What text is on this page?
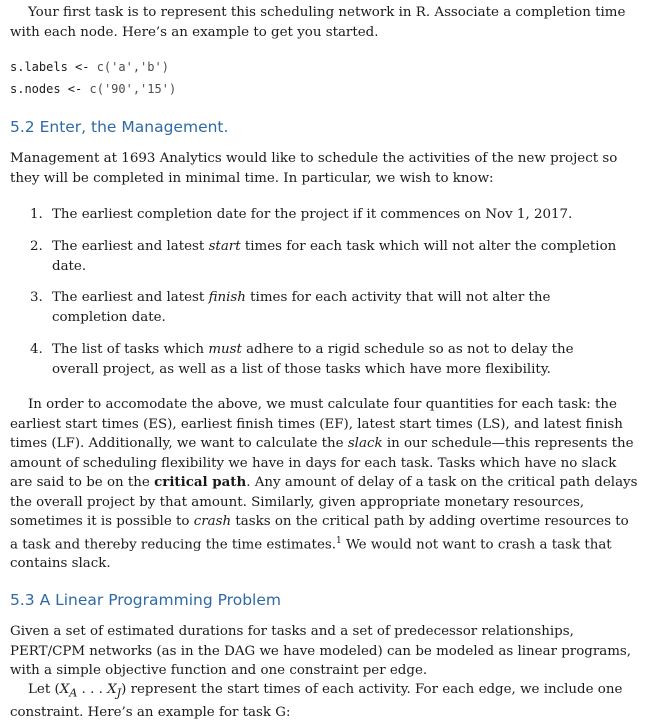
Your first task is to represent this scheduling network in R. Associate a completion time with each node. Here’s an example to get you started.
s.labels <- c('a','b')
s.nodes <- c('90','15')
5.2 Enter, the Management.
Management at 1693 Analytics would like to schedule the activities of the new project so they will be completed in minimal time. In particular, we wish to know:
1. The earliest completion date for the project if it commences on Nov 1, 2017.
2. The earliest and latest start times for each task which will not alter the completion date.
3. The earliest and latest finish times for each activity that will not alter the completion date.
4. The list of tasks which must adhere to a rigid schedule so as not to delay the overall project, as well as a list of those tasks which have more flexibility.
In order to accomodate the above, we must calculate four quantities for each task: the earliest start times (ES), earliest finish times (EF), latest start times (LS), and latest finish times (LF). Additionally, we want to calculate the slack in our schedule—this represents the amount of scheduling flexibility we have in days for each task. Tasks which have no slack are said to be on the critical path. Any amount of delay of a task on the critical path delays the overall project by that amount. Similarly, given appropriate monetary resources, sometimes it is possible to crash tasks on the critical path by adding overtime resources to a task and thereby reducing the time estimates.$^1$ We would not want to crash a task that contains slack.
5.3 A Linear Programming Problem
Given a set of estimated durations for tasks and a set of predecessor relationships, PERT/CPM networks (as in the DAG we have modeled) can be modeled as linear programs, with a simple objective function and one constraint per edge.
Let ($X_A$ . . . $X_J$) represent the start times of each activity. For each edge, we include one constraint. Here’s an example for task G:
